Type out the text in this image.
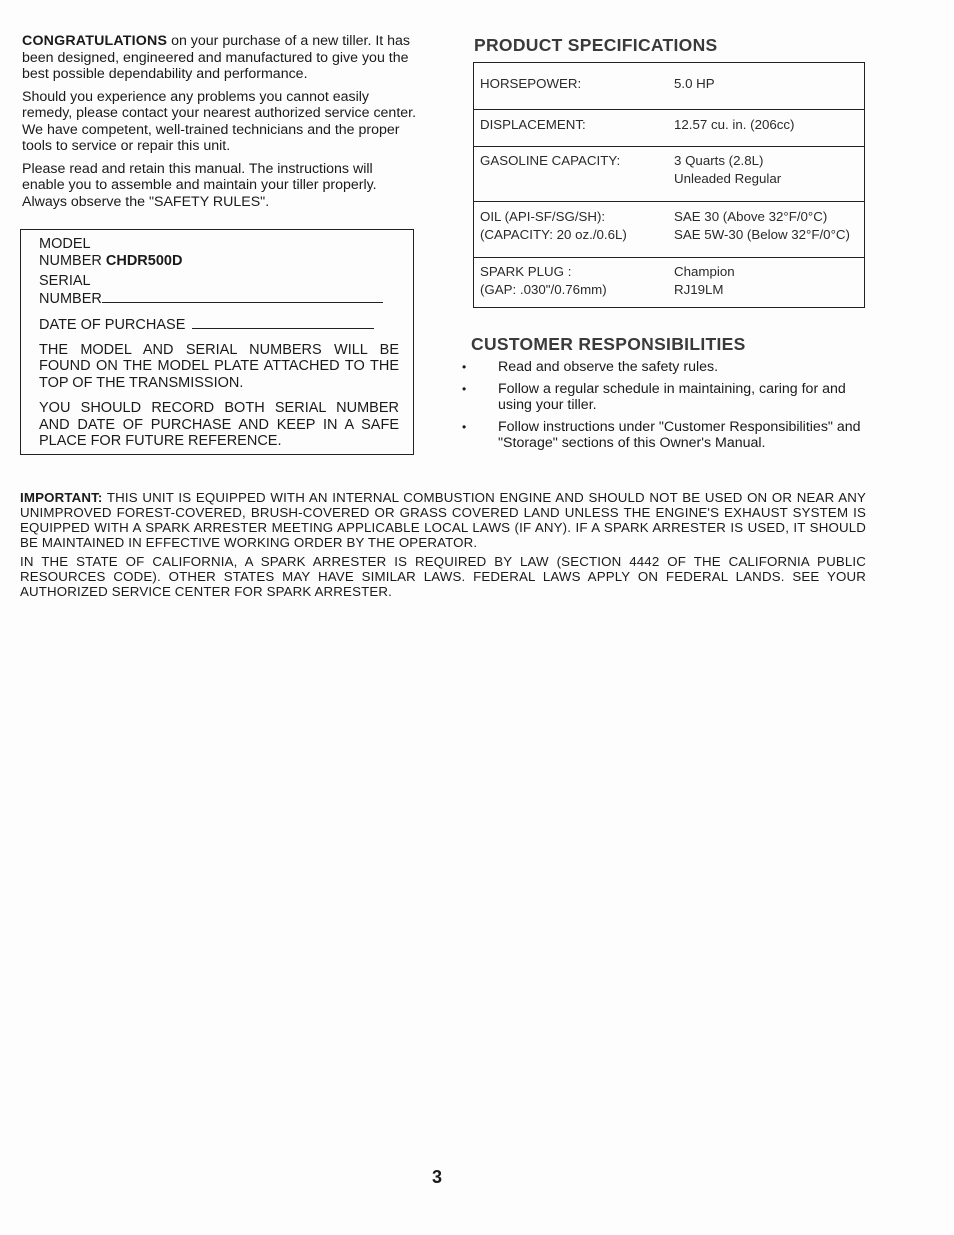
CONGRATULATIONS on your purchase of a new tiller. It has been designed, engineered and manufactured to give you the best possible dependability and performance.

Should you experience any problems you cannot easily remedy, please contact your nearest authorized service center. We have competent, well-trained technicians and the proper tools to service or repair this unit.

Please read and retain this manual. The instructions will enable you to assemble and maintain your tiller properly. Always observe the "SAFETY RULES".

MODEL
NUMBER CHDR500D
SERIAL
NUMBER
DATE OF PURCHASE
THE MODEL AND SERIAL NUMBERS WILL BE FOUND ON THE MODEL PLATE ATTACHED TO THE TOP OF THE TRANSMISSION.
YOU SHOULD RECORD BOTH SERIAL NUMBER AND DATE OF PURCHASE AND KEEP IN A SAFE PLACE FOR FUTURE REFERENCE.
PRODUCT SPECIFICATIONS
HORSEPOWER:	5.0 HP
DISPLACEMENT:	12.57 cu. in. (206cc)
GASOLINE CAPACITY:	3 Quarts (2.8L)
Unleaded Regular

OIL (API-SF/SG/SH):
(CAPACITY: 20 oz./0.6L)	SAE 30 (Above 32°F/0°C)
SAE 5W-30 (Below 32°F/0°C)

SPARK PLUG :
(GAP: .030"/0.76mm)	Champion
RJ19LM
CUSTOMER RESPONSIBILITIES
• Read and observe the safety rules.
• Follow a regular schedule in maintaining, caring for and using your tiller.
• Follow instructions under "Customer Responsibilities" and "Storage" sections of this Owner's Manual.

IMPORTANT: THIS UNIT IS EQUIPPED WITH AN INTERNAL COMBUSTION ENGINE AND SHOULD NOT BE USED ON OR NEAR ANY UNIMPROVED FOREST-COVERED, BRUSH-COVERED OR GRASS COVERED LAND UNLESS THE ENGINE'S EXHAUST SYSTEM IS EQUIPPED WITH A SPARK ARRESTER MEETING APPLICABLE LOCAL LAWS (IF ANY). IF A SPARK ARRESTER IS USED, IT SHOULD BE MAINTAINED IN EFFECTIVE WORKING ORDER BY THE OPERATOR.

IN THE STATE OF CALIFORNIA, A SPARK ARRESTER IS REQUIRED BY LAW (SECTION 4442 OF THE CALIFORNIA PUBLIC RESOURCES CODE). OTHER STATES MAY HAVE SIMILAR LAWS. FEDERAL LAWS APPLY ON FEDERAL LANDS. SEE YOUR AUTHORIZED SERVICE CENTER FOR SPARK ARRESTER.

3
